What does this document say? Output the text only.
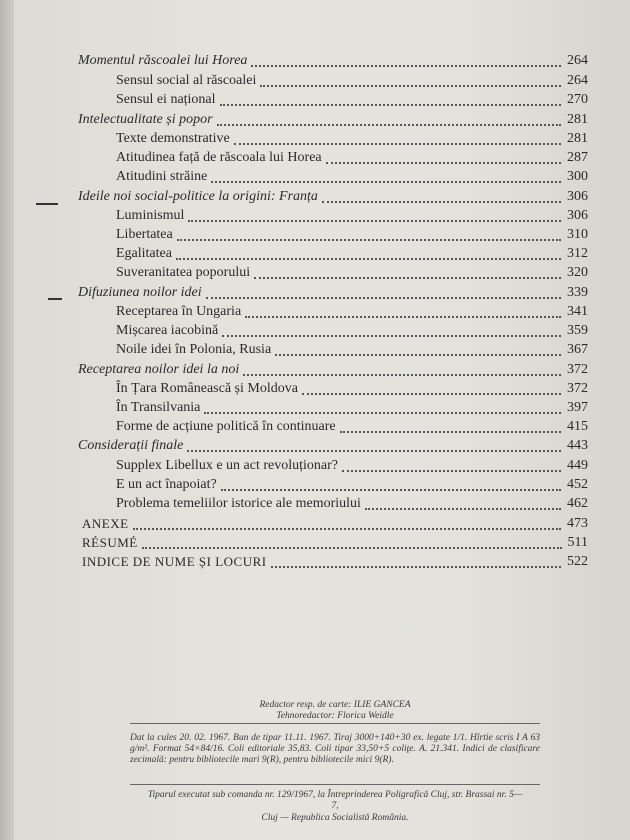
Momentul răscoalei lui Horea	264
Sensul social al răscoalei	264
Sensul ei național	270
Intelectualitate și popor	281
Texte demonstrative	281
Atitudinea față de răscoala lui Horea	287
Atitudini străine	300
Ideile noi social-politice la origini: Franța	306
Luminismul	306
Libertatea	310
Egalitatea	312
Suveranitatea poporului	320
Difuziunea noilor idei	339
Receptarea în Ungaria	341
Mișcarea iacobină	359
Noile idei în Polonia, Rusia	367
Receptarea noilor idei la noi	372
În Țara Românească și Moldova	372
În Transilvania	397
Forme de acțiune politică în continuare	415
Considerații finale	443
Supplex Libellux e un act revoluționar?	449
E un act înapoiat?	452
Problema temeliilor istorice ale memoriului	462
ANEXE	473
RÉSUMÉ	511
INDICE DE NUME ȘI LOCURI	522
Redactor resp. de carte: ILIE GANCEA
Tehnoredactor: Florica Weidle
Dat la cules 20. 02. 1967. Bun de tipar 11.11. 1967. Tiraj 3000+140+30 ex. legate 1/1. Hîrtie scris I A 63 g/m². Format 54×84/16. Coli editoriale 35,83. Coli tipar 33,50+5 coliţe. A. 21.341. Indici de clasificare zecimală: pentru bibliotecile mari 9(R), pentru bibliotecile mici 9(R).
Tiparul executat sub comanda nr. 129/1967, la Întreprinderea Poligrafică Cluj, str. Brassai nr. 5—7,
Cluj — Republica Socialistă România.
